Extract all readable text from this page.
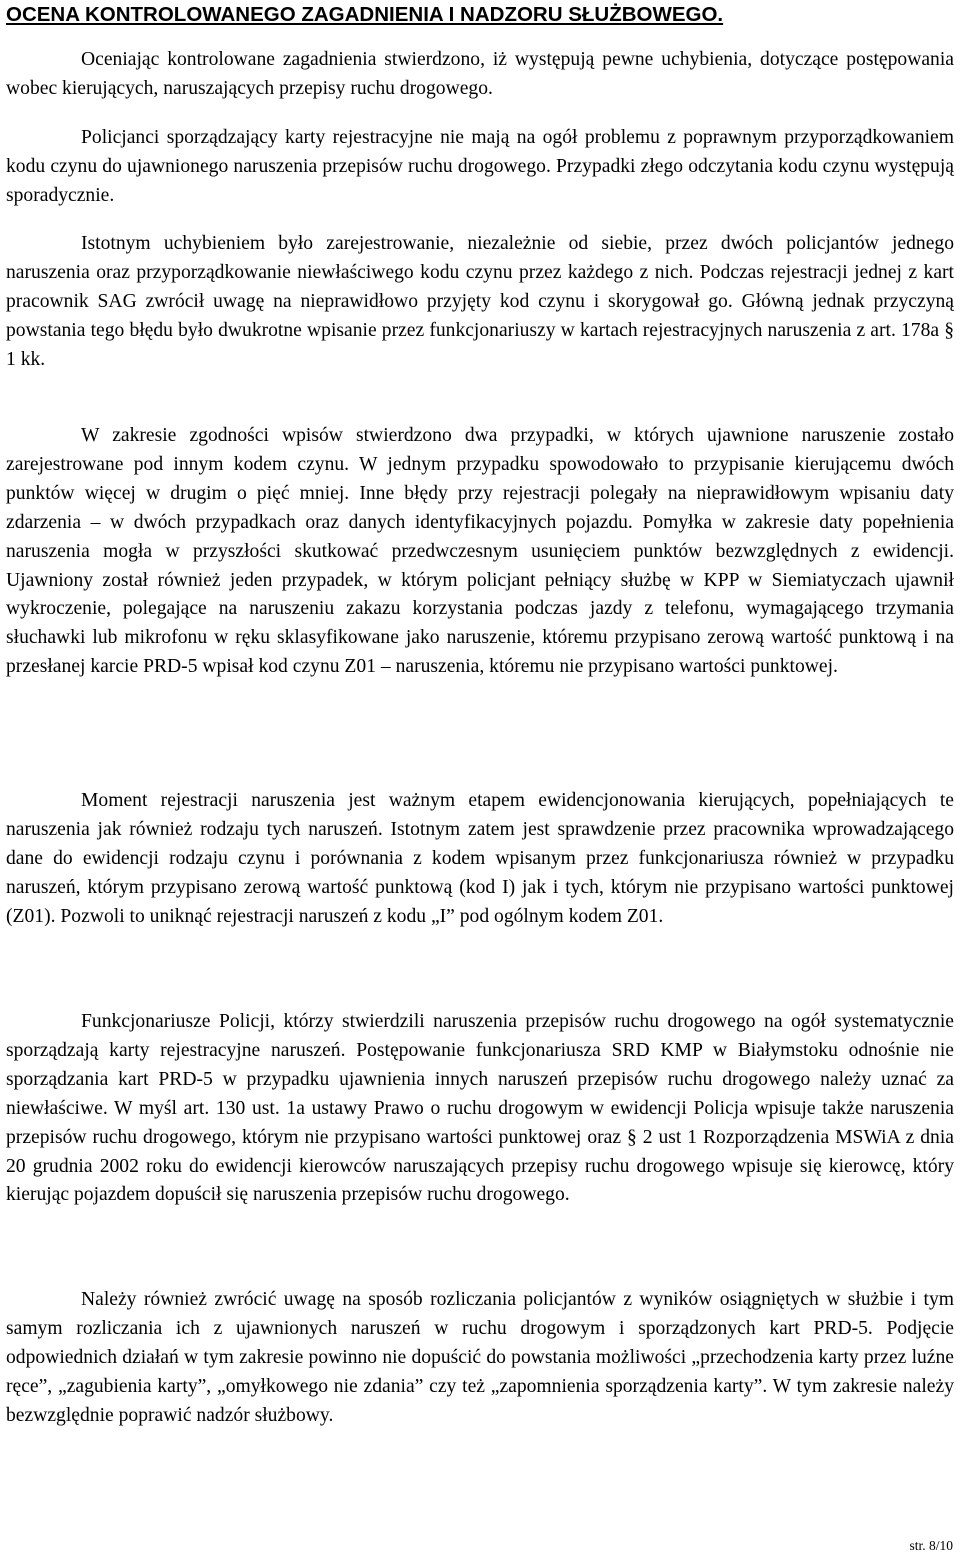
OCENA KONTROLOWANEGO ZAGADNIENIA I NADZORU SŁUŻBOWEGO.

Oceniając kontrolowane zagadnienia stwierdzono, iż występują pewne uchybienia, dotyczące postępowania wobec kierujących, naruszających przepisy ruchu drogowego.

Policjanci sporządzający karty rejestracyjne nie mają na ogół problemu z poprawnym przyporządkowaniem kodu czynu do ujawnionego naruszenia przepisów ruchu drogowego. Przypadki złego odczytania kodu czynu występują sporadycznie.

Istotnym uchybieniem było zarejestrowanie, niezależnie od siebie, przez dwóch policjantów jednego naruszenia oraz przyporządkowanie niewłaściwego kodu czynu przez każdego z nich. Podczas rejestracji jednej z kart pracownik SAG zwrócił uwagę na nieprawidłowo przyjęty kod czynu i skorygował go. Główną jednak przyczyną powstania tego błędu było dwukrotne wpisanie przez funkcjonariuszy w kartach rejestracyjnych naruszenia z art. 178a § 1 kk.

W zakresie zgodności wpisów stwierdzono dwa przypadki, w których ujawnione naruszenie zostało zarejestrowane pod innym kodem czynu. W jednym przypadku spowodowało to przypisanie kierującemu dwóch punktów więcej w drugim o pięć mniej. Inne błędy przy rejestracji polegały na nieprawidłowym wpisaniu daty zdarzenia – w dwóch przypadkach oraz danych identyfikacyjnych pojazdu. Pomyłka w zakresie daty popełnienia naruszenia mogła w przyszłości skutkować przedwczesnym usunięciem punktów bezwzględnych z ewidencji. Ujawniony został również jeden przypadek, w którym policjant pełniący służbę w KPP w Siemiatyczach ujawnił wykroczenie, polegające na naruszeniu zakazu korzystania podczas jazdy z telefonu, wymagającego trzymania słuchawki lub mikrofonu w ręku sklasyfikowane jako naruszenie, któremu przypisano zerową wartość punktową i na przesłanej karcie PRD-5 wpisał kod czynu Z01 – naruszenia, któremu nie przypisano wartości punktowej.

Moment rejestracji naruszenia jest ważnym etapem ewidencjonowania kierujących, popełniających te naruszenia jak również rodzaju tych naruszeń. Istotnym zatem jest sprawdzenie przez pracownika wprowadzającego dane do ewidencji rodzaju czynu i porównania z kodem wpisanym przez funkcjonariusza również w przypadku naruszeń, którym przypisano zerową wartość punktową (kod I) jak i tych, którym nie przypisano wartości punktowej (Z01). Pozwoli to uniknąć rejestracji naruszeń z kodu „I” pod ogólnym kodem Z01.

Funkcjonariusze Policji, którzy stwierdzili naruszenia przepisów ruchu drogowego na ogół systematycznie sporządzają karty rejestracyjne naruszeń. Postępowanie funkcjonariusza SRD KMP w Białymstoku odnośnie nie sporządzania kart PRD-5 w przypadku ujawnienia innych naruszeń przepisów ruchu drogowego należy uznać za niewłaściwe. W myśl art. 130 ust. 1a ustawy Prawo o ruchu drogowym w ewidencji Policja wpisuje także naruszenia przepisów ruchu drogowego, którym nie przypisano wartości punktowej oraz § 2 ust 1 Rozporządzenia MSWiA z dnia 20 grudnia 2002 roku do ewidencji kierowców naruszających przepisy ruchu drogowego wpisuje się kierowcę, który kierując pojazdem dopuścił się naruszenia przepisów ruchu drogowego.

Należy również zwrócić uwagę na sposób rozliczania policjantów z wyników osiągniętych w służbie i tym samym rozliczania ich z ujawnionych naruszeń w ruchu drogowym i sporządzonych kart PRD-5. Podjęcie odpowiednich działań w tym zakresie powinno nie dopuścić do powstania możliwości „przechodzenia karty przez luźne ręce”, „zagubienia karty”, „omyłkowego nie zdania” czy też „zapomnienia sporządzenia karty”. W tym zakresie należy bezwzględnie poprawić nadzór służbowy.

str. 8/10
